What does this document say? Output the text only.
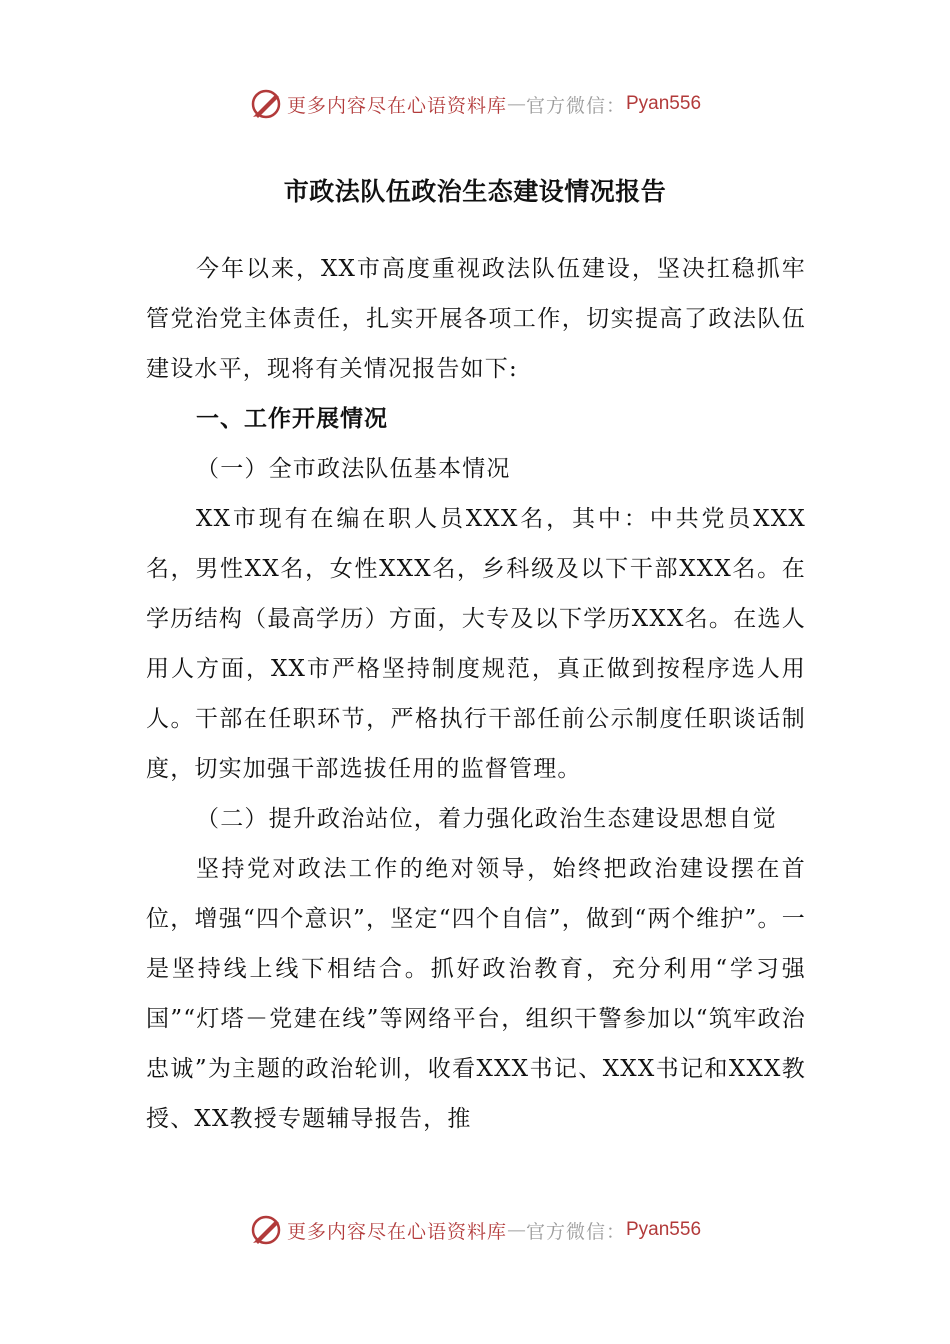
更多内容尽在心语资料库 — 官方微信： Pyan556
市政法队伍政治生态建设情况报告

今年以来，XX市高度重视政法队伍建设，坚决扛稳抓牢管党治党主体责任，扎实开展各项工作，切实提高了政法队伍建设水平，现将有关情况报告如下:

一、工作开展情况

（一）全市政法队伍基本情况

XX市现有在编在职人员XXX名，其中：中共党员XXX名，男性XX名，女性XXX名，乡科级及以下干部XXX名。在学历结构（最高学历）方面，大专及以下学历XXX名。在选人用人方面，XX市严格坚持制度规范，真正做到按程序选人用人。干部在任职环节，严格执行干部任前公示制度任职谈话制度，切实加强干部选拔任用的监督管理。

（二）提升政治站位，着力强化政治生态建设思想自觉

坚持党对政法工作的绝对领导，始终把政治建设摆在首位，增强“四个意识”，坚定“四个自信”，做到“两个维护”。一是坚持线上线下相结合。抓好政治教育，充分利用“学习强国”“灯塔－党建在线”等网络平台，组织干警参加以“筑牢政治忠诚”为主题的政治轮训，收看XXX书记、XXX书记和XXX教授、XX教授专题辅导报告，推

更多内容尽在心语资料库 — 官方微信： Pyan556
